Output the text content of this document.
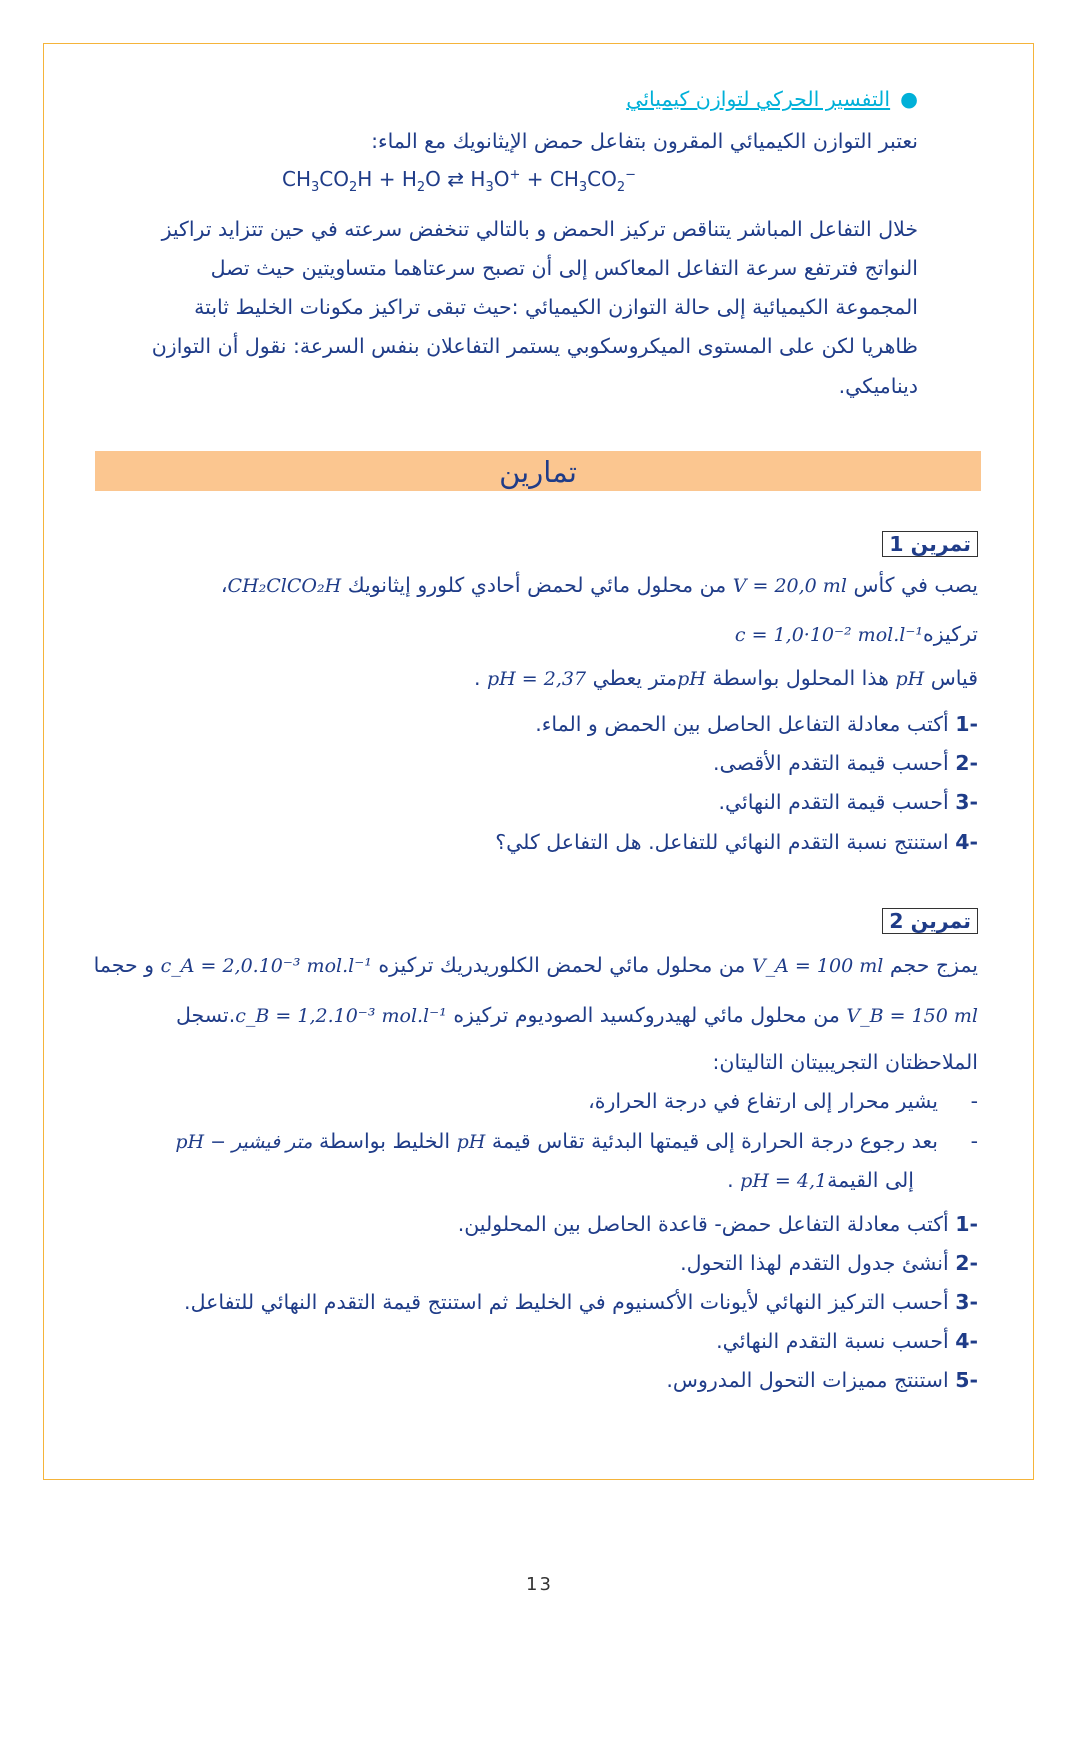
●التفسير الحركي لتوازن كيميائي
نعتبر التوازن الكيميائي المقرون بتفاعل حمض الإيثانويك مع الماء:
$CH_3CO_2H + H_2O$ ⇄ $H_3O^+ + CH_3CO_2^-$
خلال التفاعل المباشر يتناقص تركيز الحمض و بالتالي تنخفض سرعته في حين تتزايد تراكيز
النواتج فترتفع سرعة التفاعل المعاكس إلى أن تصبح سرعتاهما متساويتين حيث تصل
المجموعة الكيميائية إلى حالة التوازن الكيميائي :حيث تبقى تراكيز مكونات الخليط ثابتة
ظاهريا لكن على المستوى الميكروسكوبي يستمر التفاعلان بنفس السرعة: نقول أن التوازن
ديناميكي.
تمارين
تمرين 1
يصب في كأس V = 20,0 ml من محلول مائي لحمض أحادي كلورو إيثانويك CH₂ClCO₂H،
تركيزهc = 1,0·10⁻² mol.l⁻¹
قياس pH هذا المحلول بواسطة pHمتر يعطي pH = 2,37 .
-1 أكتب معادلة التفاعل الحاصل بين الحمض و الماء.
-2 أحسب قيمة التقدم الأقصى.
-3 أحسب قيمة التقدم النهائي.
-4 استنتج نسبة التقدم النهائي للتفاعل. هل التفاعل كلي؟
تمرين 2
يمزج حجم V_A = 100 ml من محلول مائي لحمض الكلوريدريك تركيزه c_A = 2,0.10⁻³ mol.l⁻¹ و حجما
V_B = 150 ml من محلول مائي لهيدروكسيد الصوديوم تركيزه c_B = 1,2.10⁻³ mol.l⁻¹.تسجل
الملاحظتان التجريبيتان التاليتان:
-     يشير محرار إلى ارتفاع في درجة الحرارة،
-     بعد رجوع درجة الحرارة إلى قيمتها البدئية تقاس قيمة pH الخليط بواسطة pH − متر فيشير
إلى القيمةpH = 4,1 .
-1 أكتب معادلة التفاعل حمض- قاعدة الحاصل بين المحلولين.
-2 أنشئ جدول التقدم لهذا التحول.
-3 أحسب التركيز النهائي لأيونات الأكسنيوم في الخليط ثم استنتج قيمة التقدم النهائي للتفاعل.
-4 أحسب نسبة التقدم النهائي.
-5 استنتج مميزات التحول المدروس.
13
